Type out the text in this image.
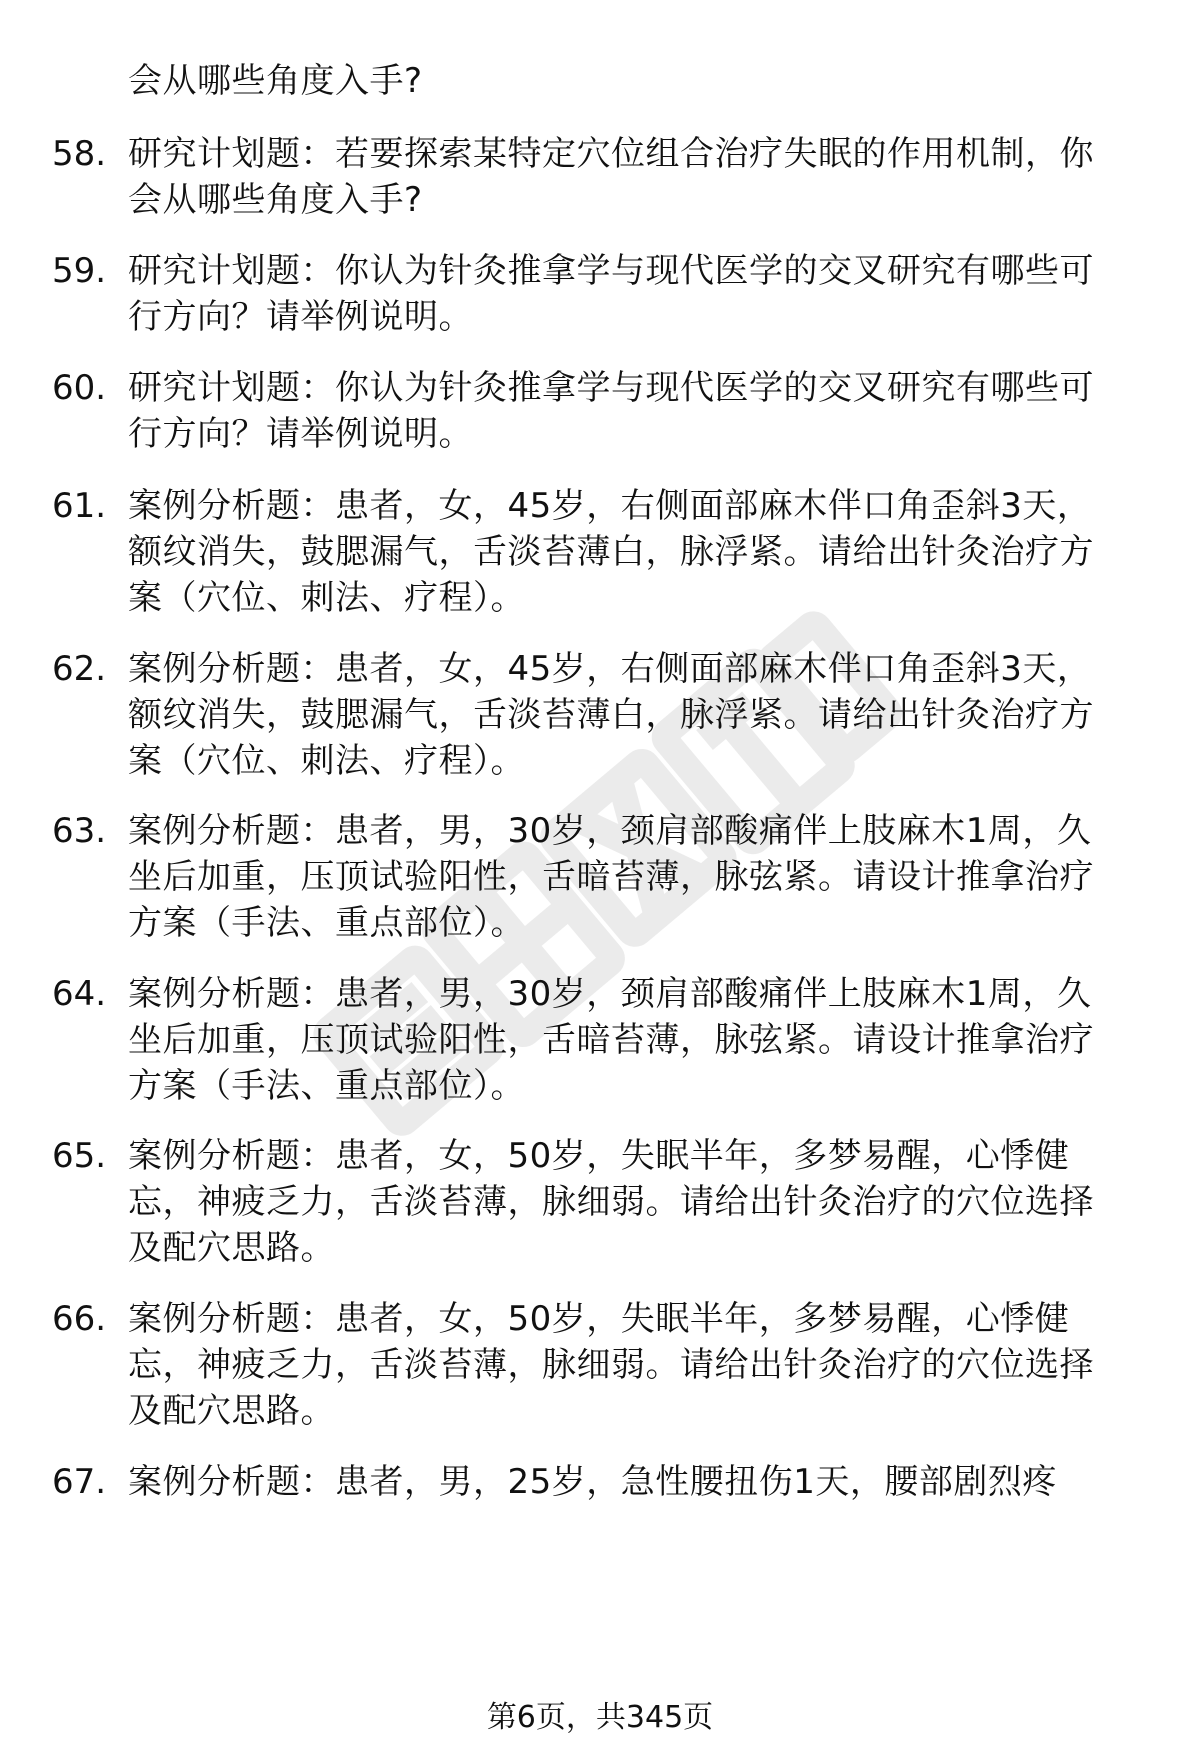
会从哪些角度入手?
58. 研究计划题：若要探索某特定穴位组合治疗失眠的作用机制，你
会从哪些角度入手?
59. 研究计划题：你认为针灸推拿学与现代医学的交叉研究有哪些可
行方向？请举例说明。
60. 研究计划题：你认为针灸推拿学与现代医学的交叉研究有哪些可
行方向？请举例说明。
61. 案例分析题：患者，女，45岁，右侧面部麻木伴口角歪斜3天，
额纹消失，鼓腮漏气，舌淡苔薄白，脉浮紧。请给出针灸治疗方
案（穴位、刺法、疗程）。
62. 案例分析题：患者，女，45岁，右侧面部麻木伴口角歪斜3天，
额纹消失，鼓腮漏气，舌淡苔薄白，脉浮紧。请给出针灸治疗方
案（穴位、刺法、疗程）。
63. 案例分析题：患者，男，30岁，颈肩部酸痛伴上肢麻木1周，久
坐后加重，压顶试验阳性，舌暗苔薄，脉弦紧。请设计推拿治疗
方案（手法、重点部位）。
64. 案例分析题：患者，男，30岁，颈肩部酸痛伴上肢麻木1周，久
坐后加重，压顶试验阳性，舌暗苔薄，脉弦紧。请设计推拿治疗
方案（手法、重点部位）。
65. 案例分析题：患者，女，50岁，失眠半年，多梦易醒，心悸健
忘，神疲乏力，舌淡苔薄，脉细弱。请给出针灸治疗的穴位选择
及配穴思路。
66. 案例分析题：患者，女，50岁，失眠半年，多梦易醒，心悸健
忘，神疲乏力，舌淡苔薄，脉细弱。请给出针灸治疗的穴位选择
及配穴思路。
67. 案例分析题：患者，男，25岁，急性腰扭伤1天，腰部剧烈疼
第6页，共345页
